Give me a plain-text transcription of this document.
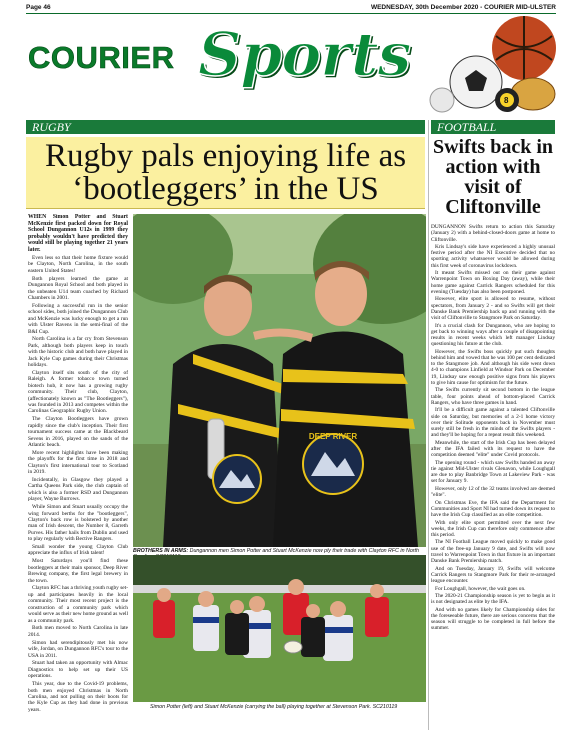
Page 46	WEDNESDAY, 30th December 2020 - COURIER MID-ULSTER
COURIER Sports
8
RUGBY	FOOTBALL
Rugby pals enjoying life as ‘bootleggers’ in the US

WHEN Simon Potter and Stuart McKenzie first packed down for Royal School Dungannon U12s in 1999 they probably wouldn't have predicted they would still be playing together 21 years later.

Even less so that their home fixture would be Clayton, North Carolina, in the south eastern United States!

Both players learned the game at Dungannon Royal School and both played in the unbeaten U14 team coached by Richard Chambers in 2001.

Following a successful run in the senior school sides, both joined the Dungannon Club and McKenzie was lucky enough to get a run with Ulster Ravens in the semi-final of the B&I Cup.

North Carolina is a far cry from Stevenson Park, although both players keep in touch with the historic club and both have played in Jack Kyle Cup games during their Christmas holidays.

Clayton itself sits south of the city of Raleigh. A former tobacco town turned biotech hub, it now has a growing rugby community. Their club, Clayton, (affectionately known as "The Bootleggers"), was founded in 2013 and competes within the Carolinas Geographic Rugby Union.

The Clayton Bootleggers have grown rapidly since the club's inception. Their first tournament success came at the Blackbeard Sevens in 2016, played on the sands of the Atlantic beach.

More recent highlights have been making the playoffs for the first time in 2018 and Clayton's first international tour to Scotland in 2019.

Incidentally, in Glasgow they played a Cartha Queens Park side, the club captain of which is also a former RSD and Dungannon player, Wayne Burrows.

While Simon and Stuart usually occupy the wing forward berths for the "bootleggers", Clayton's back row is bolstered by another man of Irish descent, the Number 8, Garreth Purves. His father hails from Dublin and used to play regularly with Bective Rangers.

Small wonder the young Clayton Club appreciate the influx of Irish talent!

Most Saturdays you'll find these bootleggers at their main sponsor, Deep River Brewing company, the first legal brewery in the town.

Clayton RFC has a thriving youth rugby set-up and participates heavily in the local community. Their most recent project is the construction of a community park which would serve as their new home ground as well as a community park.

Both men moved to North Carolina in late 2014.

Simon had serendipitously met his now wife, Jordan, on Dungannon RFC's tour to the USA in 2011.

Stuart had taken an opportunity with Almac Diagnostics to help set up their US operations.

This year, due to the Covid-19 problems, both men enjoyed Christmas in North Carolina, and not pulling on their boots for the Kyle Cup as they had done in previous years.

DEEP RIVER
BROTHERS IN ARMS: Dungannon men Simon Potter and Stuart McKenzie now ply their trade with Clayton RFC in North
Simon Potter (left) and Stuart McKenzie (carrying the ball) playing together at Stevenson Park. SC210119
Swifts back in action with visit of Cliftonville

DUNGANNON Swifts return to action this Saturday (January 2) with a behind-closed-doors game at home to Cliftonville.

Kris Lindsay's side have experienced a highly unusual festive period after the NI Executive decided that no sporting activity whatsoever would be allowed during this first week of coronavirus lockdown.

It meant Swifts missed out on their game against Warrenpoint Town on Boxing Day (away), while their home game against Carrick Rangers scheduled for this evening (Tuesday) has also been postponed.

However, elite sport is allowed to resume, without spectators, from January 2 - and so Swifts will get their Danske Bank Premiership back up and running with the visit of Cliftonville to Stangmore Park on Saturday.

It's a crucial clash for Dungannon, who are hoping to get back to winning ways after a couple of disappointing results in recent weeks which left manager Lindsay questioning his future at the club.

However, the Swifts boss quickly put such thoughts behind him and vowed that he was 100 per cent dedicated to the Stangmore job. And although his side went down 4-0 to champions Linfield at Windsor Park on December 19, Lindsay saw enough positive signs from his players to give him cause for optimism for the future.

The Swifts currently sit second bottom in the league table, four points ahead of bottom-placed Carrick Rangers, who have three games in hand.

It'll be a difficult game against a talented Cliftonville side on Saturday, but memories of a 2-1 home victory over their Solitude opponents back in November must surely still be fresh in the minds of the Swifts players - and they'll be hoping for a repeat result this weekend.

Meanwhile, the start of the Irish Cup has been delayed after the IFA failed with its request to have the competition deemed "elite" under Covid protocols.

The opening round - which saw Swifts handed an away tie against Mid-Ulster rivals Glenavon, while Loughgall are due to play Banbridge Town at Lakeview Park - was set for January 9.

However, only 12 of the 32 teams involved are deemed "elite".

On Christmas Eve, the IFA said the Department for Communities and Sport NI had turned down its request to have the Irish Cup classified as an elite competition.

With only elite sport permitted over the next few weeks, the Irish Cup can therefore only commence after this period.

The NI Football League moved quickly to make good use of the free-up January 9 date, and Swifts will now travel to Warrenpoint Town in that fixture in an important Danske Bank Premiership match.

And on Tuesday, January 19, Swifts will welcome Carrick Rangers to Stangmore Park for their re-arranged league encounter.

For Loughgall, however, the wait goes on.

The 2020-21 Championship season is yet to begin as it is not designated as elite by the IFA.

And with no games likely for Championship sides for the foreseeable future, there are serious concerns that the season will struggle to be completed in full before the summer.
